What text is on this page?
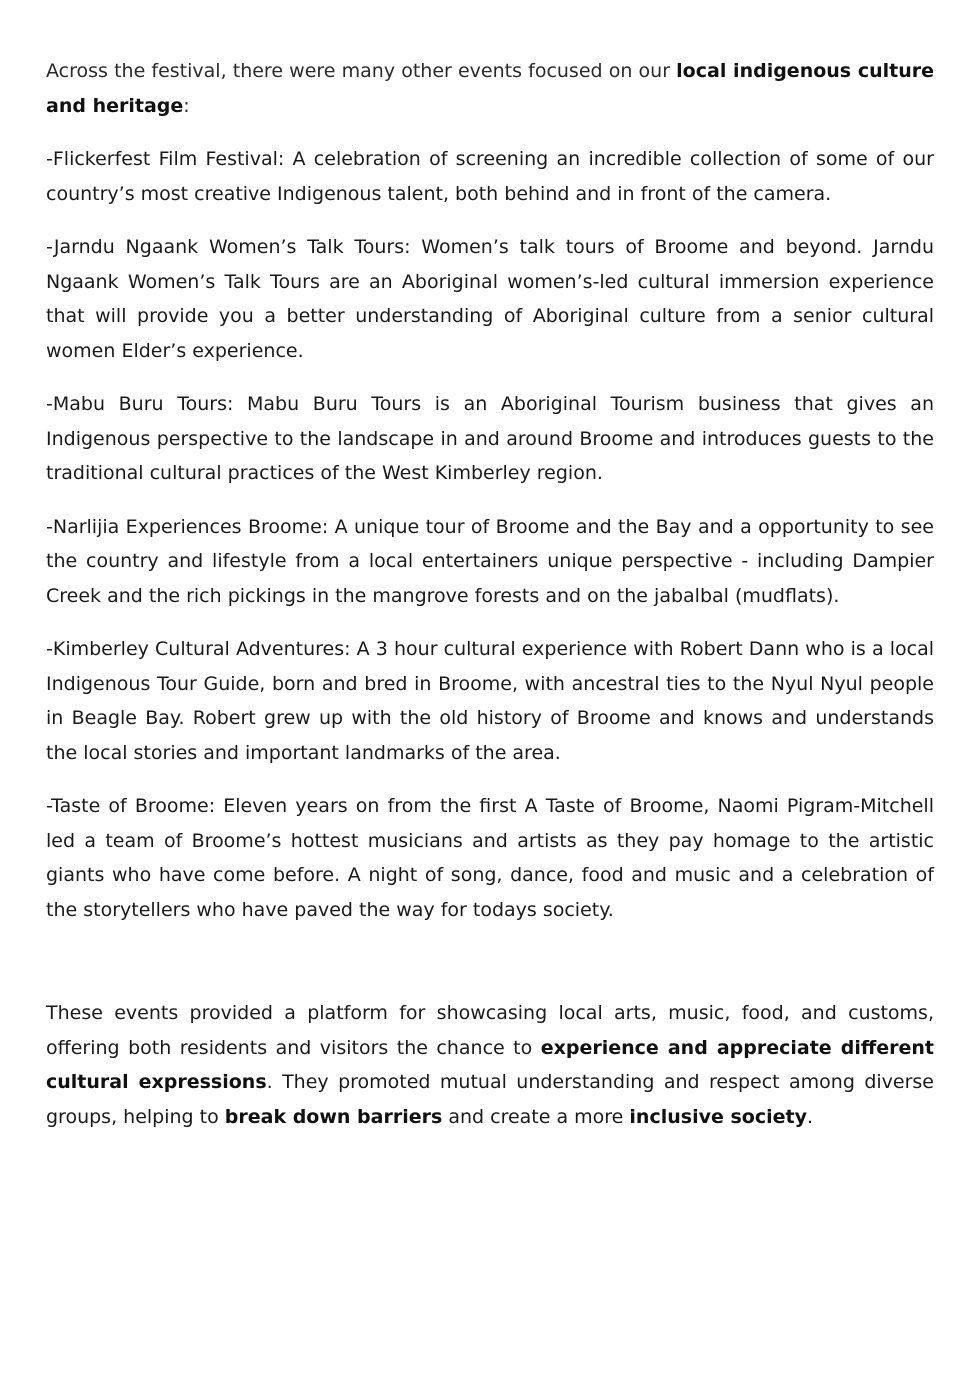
Across the festival, there were many other events focused on our local indigenous culture and heritage:

-Flickerfest Film Festival: A celebration of screening an incredible collection of some of our country’s most creative Indigenous talent, both behind and in front of the camera.

-Jarndu Ngaank Women’s Talk Tours: Women’s talk tours of Broome and beyond. Jarndu Ngaank Women’s Talk Tours are an Aboriginal women’s-led cultural immersion experience that will provide you a better understanding of Aboriginal culture from a senior cultural women Elder’s experience.

-Mabu Buru Tours: Mabu Buru Tours is an Aboriginal Tourism business that gives an Indigenous perspective to the landscape in and around Broome and introduces guests to the traditional cultural practices of the West Kimberley region.

-Narlijia Experiences Broome: A unique tour of Broome and the Bay and a opportunity to see the country and lifestyle from a local entertainers unique perspective - including Dampier Creek and the rich pickings in the mangrove forests and on the jabalbal (mudflats).

-Kimberley Cultural Adventures: A 3 hour cultural experience with Robert Dann who is a local Indigenous Tour Guide, born and bred in Broome, with ancestral ties to the Nyul Nyul people in Beagle Bay. Robert grew up with the old history of Broome and knows and understands the local stories and important landmarks of the area.

-Taste of Broome: Eleven years on from the first A Taste of Broome, Naomi Pigram-Mitchell led a team of Broome’s hottest musicians and artists as they pay homage to the artistic giants who have come before. A night of song, dance, food and music and a celebration of the storytellers who have paved the way for todays society.

These events provided a platform for showcasing local arts, music, food, and customs, offering both residents and visitors the chance to experience and appreciate different cultural expressions. They promoted mutual understanding and respect among diverse groups, helping to break down barriers and create a more inclusive society.
